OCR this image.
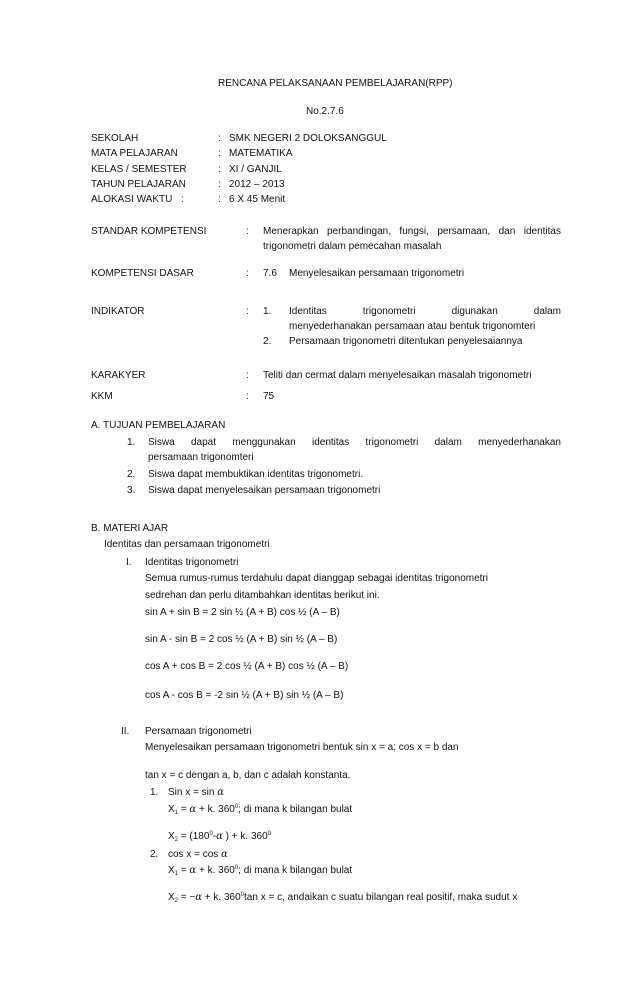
RENCANA PELAKSANAAN PEMBELAJARAN(RPP)
No.2.7.6
SEKOLAH	: SMK NEGERI 2 DOLOKSANGGUL
MATA PELAJARAN	: MATEMATIKA
KELAS / SEMESTER	: XI / GANJIL
TAHUN PELAJARAN	: 2012 – 2013
ALOKASI WAKTU :	: 6 X 45 Menit
STANDAR KOMPETENSI	: Menerapkan perbandingan, fungsi, persamaan, dan identitas
trigonometri dalam pemecahan masalah
KOMPETENSI DASAR	: 7.6 Menyelesaikan persamaan trigonometri
INDIKATOR	: 1. Identitas trigonometri digunakan dalam
menyederhanakan persamaan atau bentuk trigonomteri
2. Persamaan trigonometri ditentukan penyelesaiannya
KARAKYER	: Teliti dan cermat dalam menyelesaikan masalah trigonometri
KKM	: 75
A. TUJUAN PEMBELAJARAN
1. Siswa dapat menggunakan identitas trigonometri dalam menyederhanakan
persamaan trigonomteri
2. Siswa dapat membuktikan identitas trigonometri.
3. Siswa dapat menyelesaikan persamaan trigonometri
B. MATERI AJAR
Identitas dan persamaan trigonometri
I. Identitas trigonometri
Semua rumus-rumus terdahulu dapat dianggap sebagai identitas trigonometri
sedrehan dan perlu ditambahkan identitas berikut ini.
sin A + sin B = 2 sin ½ (A + B) cos ½ (A – B)
sin A - sin B = 2 cos ½ (A + B) sin ½ (A – B)
cos A + cos B = 2 cos ½ (A + B) cos ½ (A – B)
cos A - cos B = -2 sin ½ (A + B) sin ½ (A – B)
II. Persamaan trigonometri
Menyelesaikan persamaan trigonometri bentuk sin x = a; cos x = b dan
tan x = c dengan a, b, dan c adalah konstanta.
1. Sin x = sin α
$X_1 = \alpha + k$. $360^0$; di mana k bilangan bulat
$X_2 = (180^0-\alpha$ ) + k. $360^0$
2. cos x = cos α
$X_1 = \alpha + k$. $360^0$; di mana k bilangan bulat
$X_2 = -\alpha + k$. $360^0\tan$ x = c, andaikan c suatu bilangan real positif, maka sudut x
